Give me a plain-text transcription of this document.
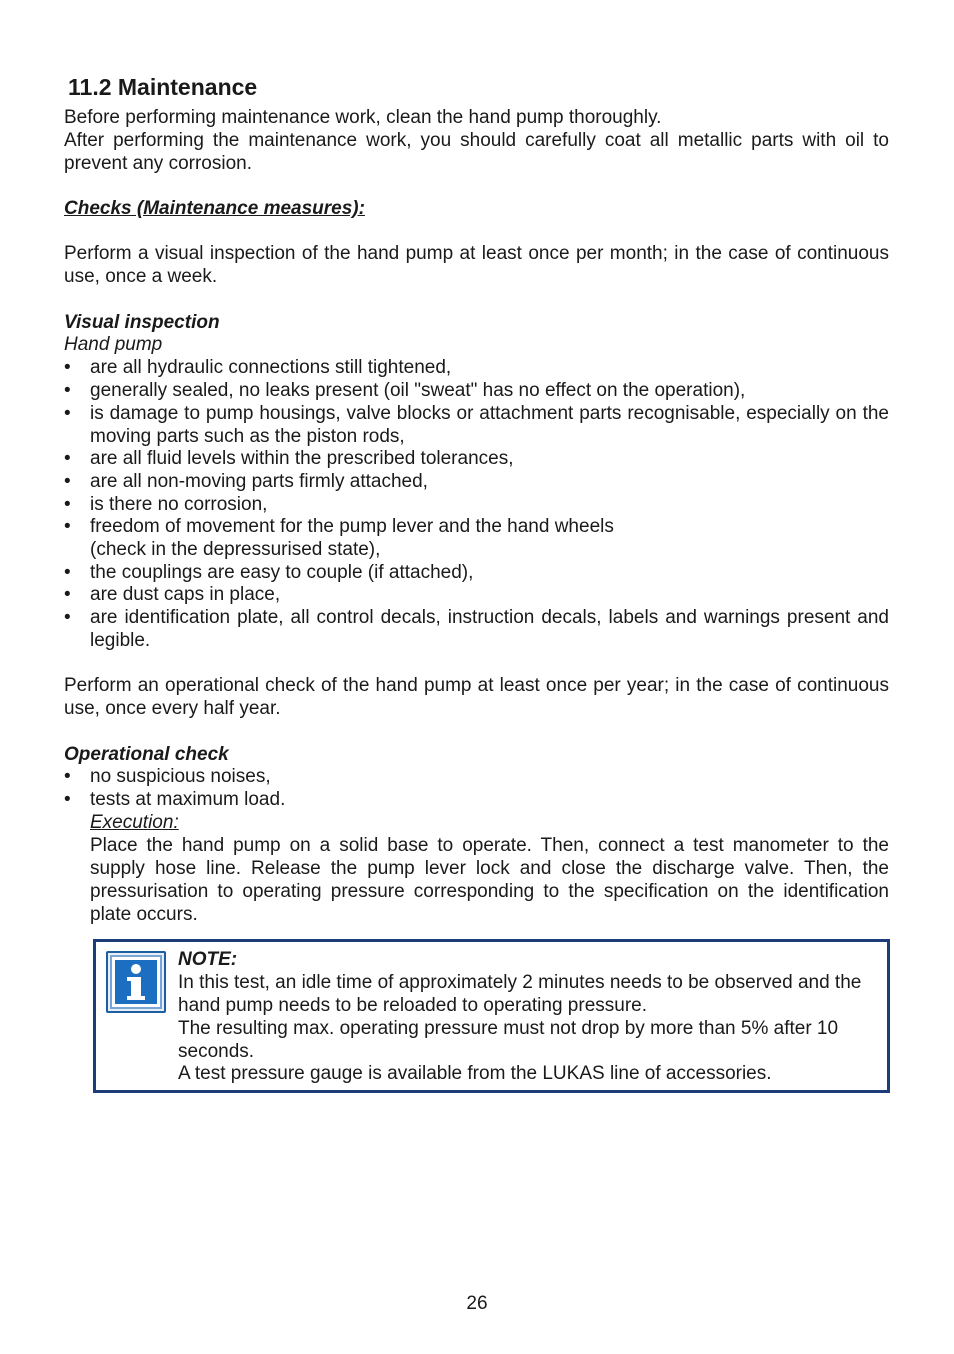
11.2 Maintenance
Before performing maintenance work, clean the hand pump thoroughly.
After performing the maintenance work, you should carefully coat all metallic parts with oil to prevent any corrosion.
Checks (Maintenance measures):
Perform a visual inspection of the hand pump at least once per month; in the case of continuous use, once a week.
Visual inspection
Hand pump
• are all hydraulic connections still tightened,
• generally sealed, no leaks present (oil "sweat" has no effect on the operation),
• is damage to pump housings, valve blocks or attachment parts recognisable, especially on the moving parts such as the piston rods,
• are all fluid levels within the prescribed tolerances,
• are all non-moving parts firmly attached,
• is there no corrosion,
• freedom of movement for the pump lever and the hand wheels
(check in the depressurised state),
• the couplings are easy to couple (if attached),
• are dust caps in place,
• are identification plate, all control decals, instruction decals, labels and warnings present and legible.
Perform an operational check of the hand pump at least once per year; in the case of continuous use, once every half year.
Operational check
• no suspicious noises,
• tests at maximum load.
Execution:
Place the hand pump on a solid base to operate. Then, connect a test manometer to the supply hose line. Release the pump lever lock and close the discharge valve. Then, the pressurisation to operating pressure corresponding to the specification on the identification plate occurs.
NOTE:
In this test, an idle time of approximately 2 minutes needs to be observed and the hand pump needs to be reloaded to operating pressure.
The resulting max. operating pressure must not drop by more than 5% after 10 seconds.
A test pressure gauge is available from the LUKAS line of accessories.
26
